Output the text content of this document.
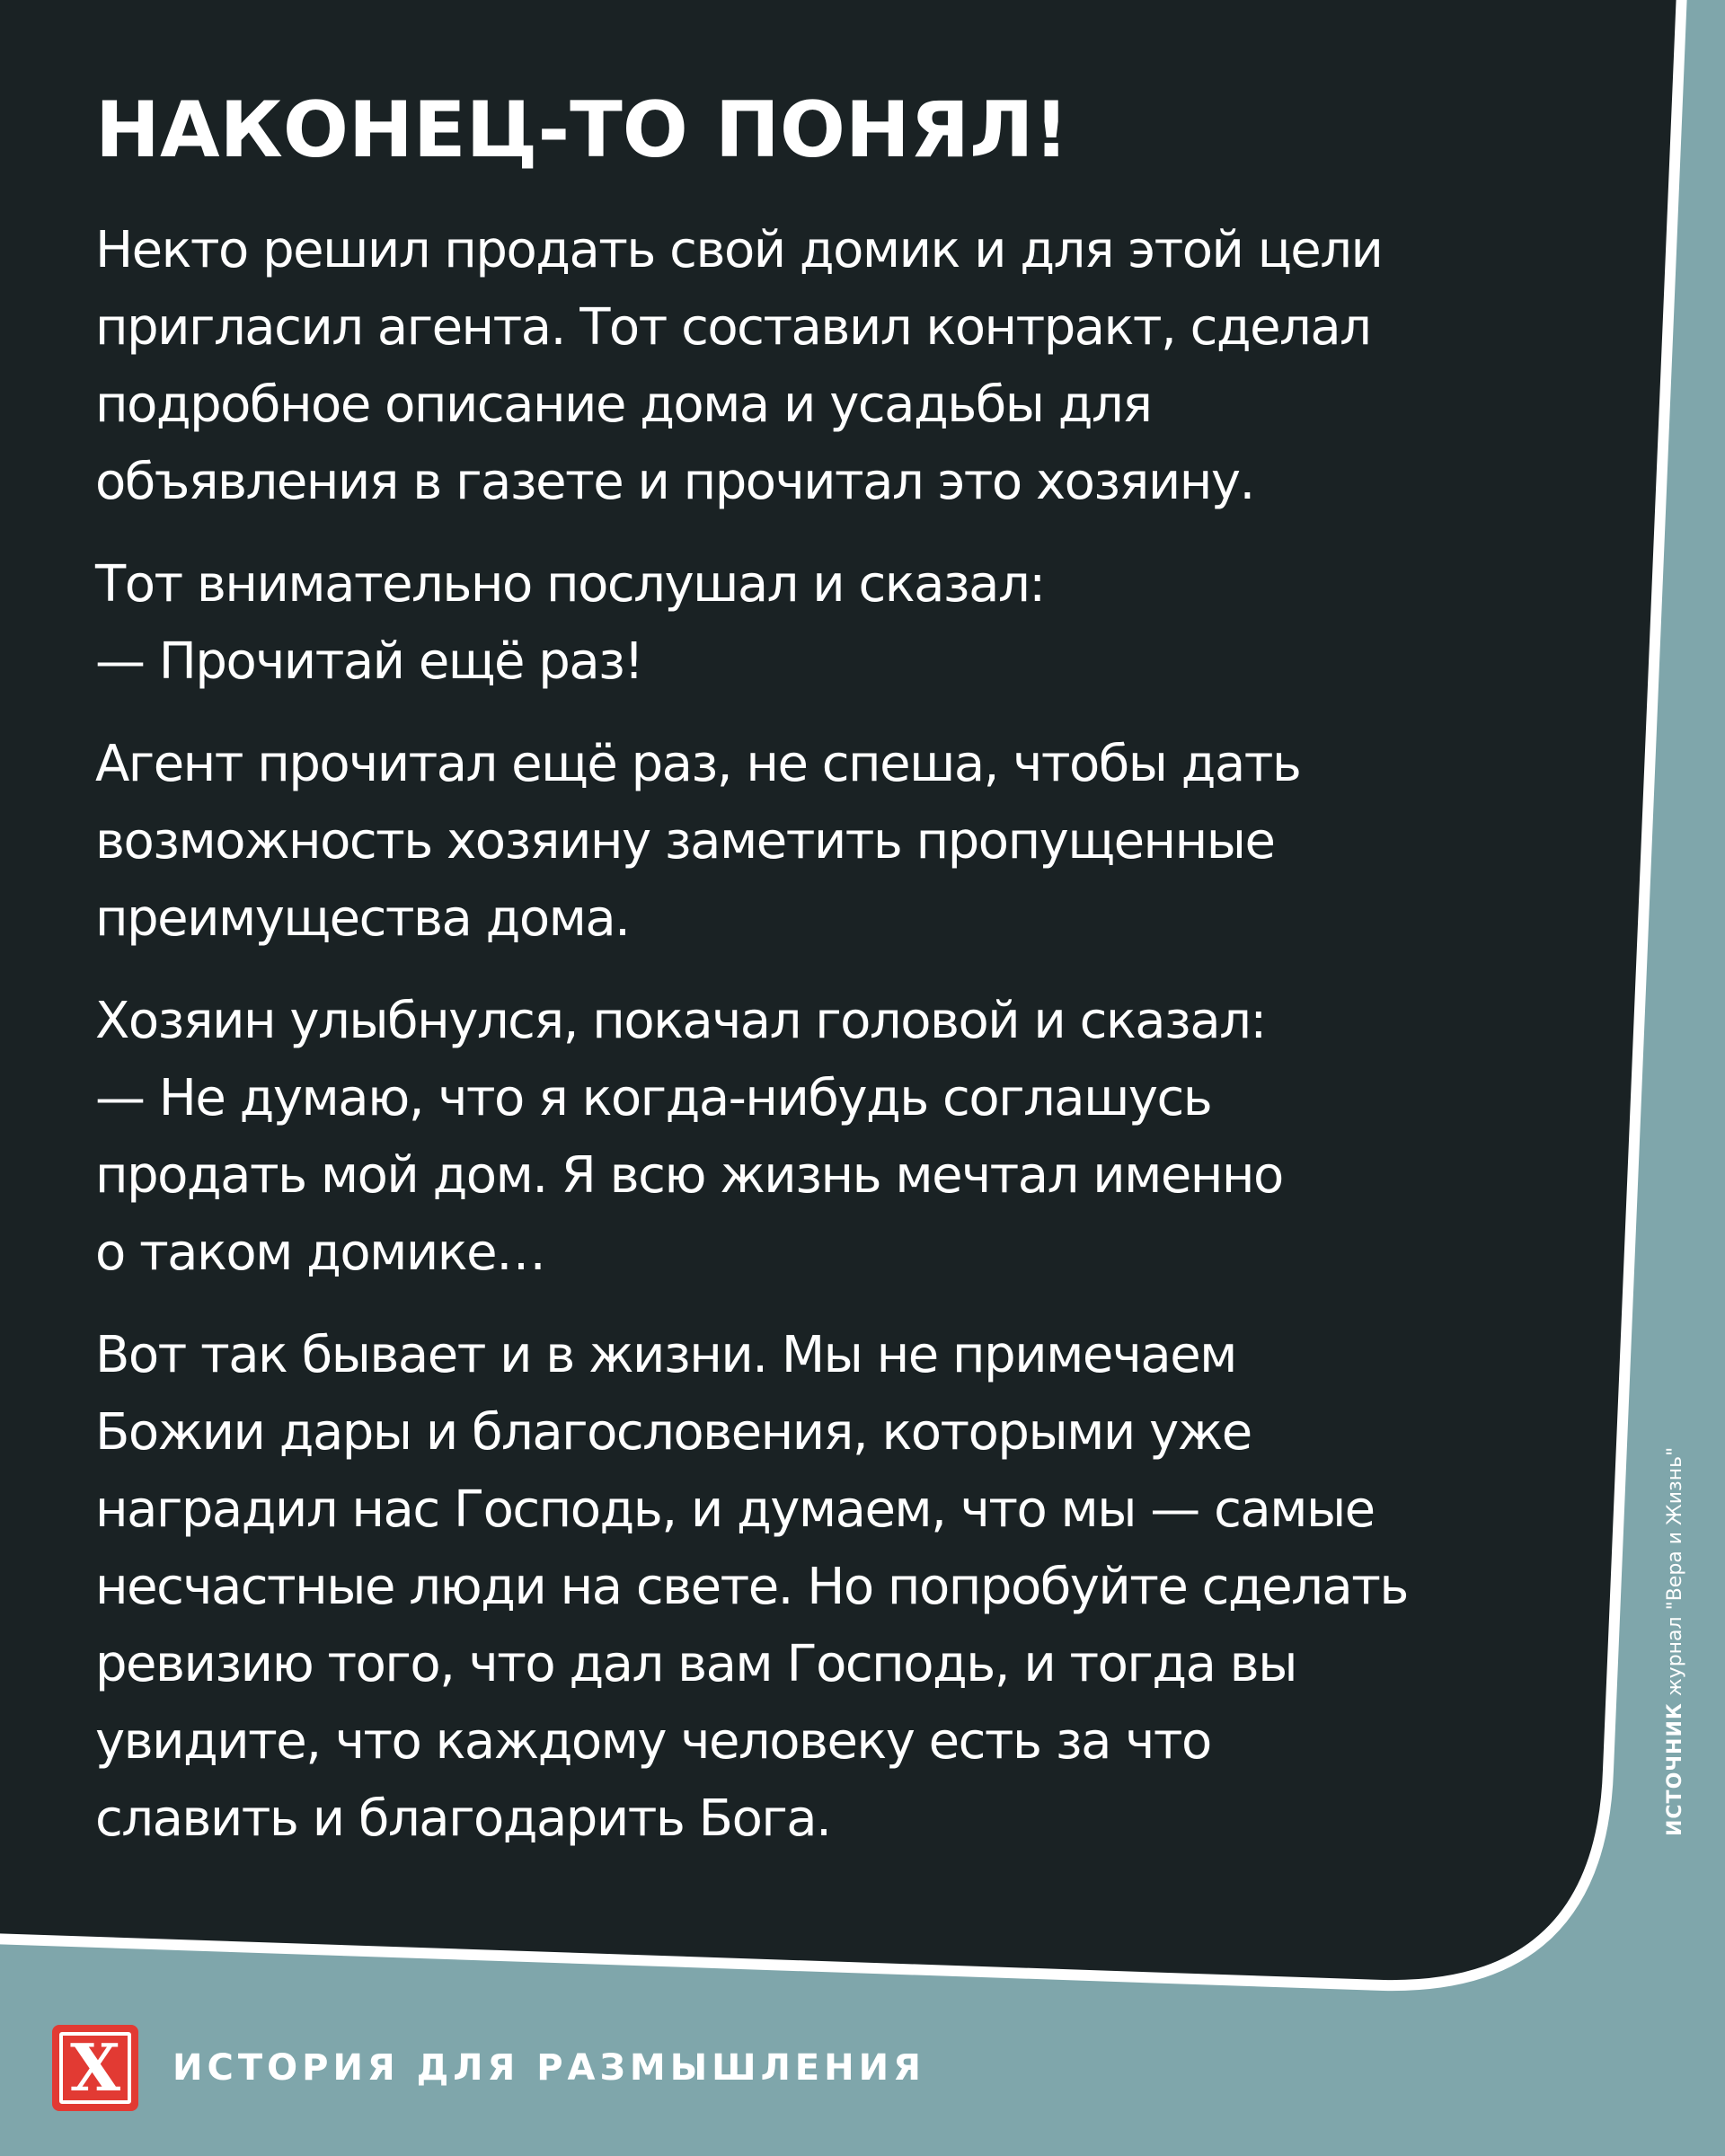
НАКОНЕЦ-ТО ПОНЯЛ!

Некто решил продать свой домик и для этой цели
пригласил агента. Тот составил контракт, сделал
подробное описание дома и усадьбы для
объявления в газете и прочитал это хозяину.

Тот внимательно послушал и сказал:
— Прочитай ещё раз!

Агент прочитал ещё раз, не спеша, чтобы дать
возможность хозяину заметить пропущенные
преимущества дома.

Хозяин улыбнулся, покачал головой и сказал:
— Не думаю, что я когда-нибудь соглашусь
продать мой дом. Я всю жизнь мечтал именно
о таком домике…

Вот так бывает и в жизни. Мы не примечаем
Божии дары и благословения, которыми уже
наградил нас Господь, и думаем, что мы — самые
несчастные люди на свете. Но попробуйте сделать
ревизию того, что дал вам Господь, и тогда вы
увидите, что каждому человеку есть за что
славить и благодарить Бога.	ИСТОЧНИК журнал "Вера и Жизнь"
X	ИСТОРИЯ ДЛЯ РАЗМЫШЛЕНИЯ
